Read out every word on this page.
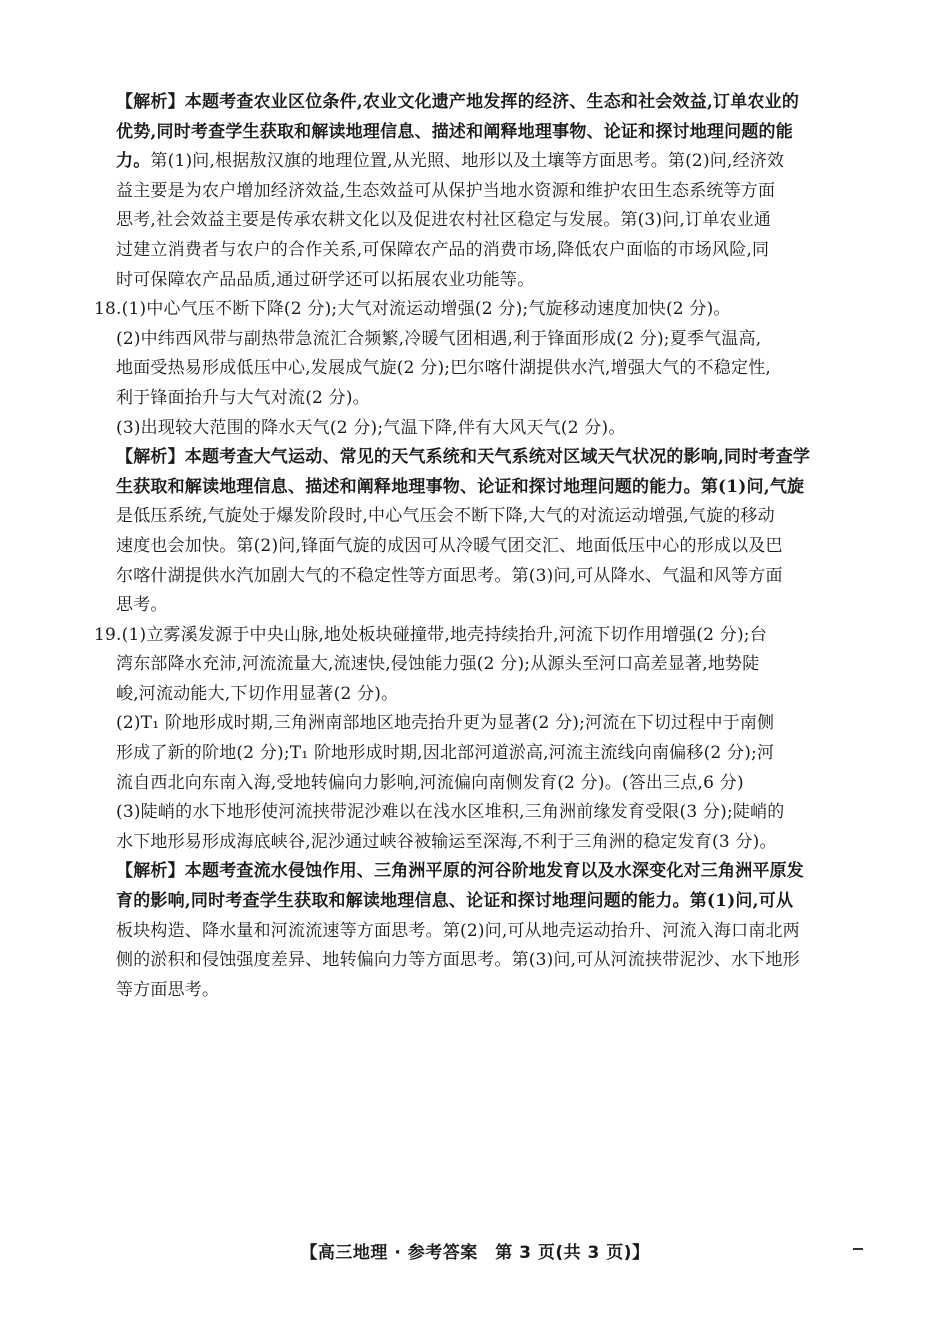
【解析】本题考查农业区位条件,农业文化遗产地发挥的经济、生态和社会效益,订单农业的
优势,同时考查学生获取和解读地理信息、描述和阐释地理事物、论证和探讨地理问题的能
力。第(1)问,根据敖汉旗的地理位置,从光照、地形以及土壤等方面思考。第(2)问,经济效
益主要是为农户增加经济效益,生态效益可从保护当地水资源和维护农田生态系统等方面
思考,社会效益主要是传承农耕文化以及促进农村社区稳定与发展。第(3)问,订单农业通
过建立消费者与农户的合作关系,可保障农产品的消费市场,降低农户面临的市场风险,同
时可保障农产品品质,通过研学还可以拓展农业功能等。
18.(1)中心气压不断下降(2 分);大气对流运动增强(2 分);气旋移动速度加快(2 分)。
(2)中纬西风带与副热带急流汇合频繁,冷暖气团相遇,利于锋面形成(2 分);夏季气温高,
地面受热易形成低压中心,发展成气旋(2 分);巴尔喀什湖提供水汽,增强大气的不稳定性,
利于锋面抬升与大气对流(2 分)。
(3)出现较大范围的降水天气(2 分);气温下降,伴有大风天气(2 分)。
【解析】本题考查大气运动、常见的天气系统和天气系统对区域天气状况的影响,同时考查学
生获取和解读地理信息、描述和阐释地理事物、论证和探讨地理问题的能力。第(1)问,气旋
是低压系统,气旋处于爆发阶段时,中心气压会不断下降,大气的对流运动增强,气旋的移动
速度也会加快。第(2)问,锋面气旋的成因可从冷暖气团交汇、地面低压中心的形成以及巴
尔喀什湖提供水汽加剧大气的不稳定性等方面思考。第(3)问,可从降水、气温和风等方面
思考。
19.(1)立雾溪发源于中央山脉,地处板块碰撞带,地壳持续抬升,河流下切作用增强(2 分);台
湾东部降水充沛,河流流量大,流速快,侵蚀能力强(2 分);从源头至河口高差显著,地势陡
峻,河流动能大,下切作用显著(2 分)。
(2)T₁ 阶地形成时期,三角洲南部地区地壳抬升更为显著(2 分);河流在下切过程中于南侧
形成了新的阶地(2 分);T₁ 阶地形成时期,因北部河道淤高,河流主流线向南偏移(2 分);河
流自西北向东南入海,受地转偏向力影响,河流偏向南侧发育(2 分)。(答出三点,6 分)
(3)陡峭的水下地形使河流挟带泥沙难以在浅水区堆积,三角洲前缘发育受限(3 分);陡峭的
水下地形易形成海底峡谷,泥沙通过峡谷被输运至深海,不利于三角洲的稳定发育(3 分)。
【解析】本题考查流水侵蚀作用、三角洲平原的河谷阶地发育以及水深变化对三角洲平原发
育的影响,同时考查学生获取和解读地理信息、论证和探讨地理问题的能力。第(1)问,可从
板块构造、降水量和河流流速等方面思考。第(2)问,可从地壳运动抬升、河流入海口南北两
侧的淤积和侵蚀强度差异、地转偏向力等方面思考。第(3)问,可从河流挟带泥沙、水下地形
等方面思考。
【高三地理 · 参考答案　第 3 页(共 3 页)】
